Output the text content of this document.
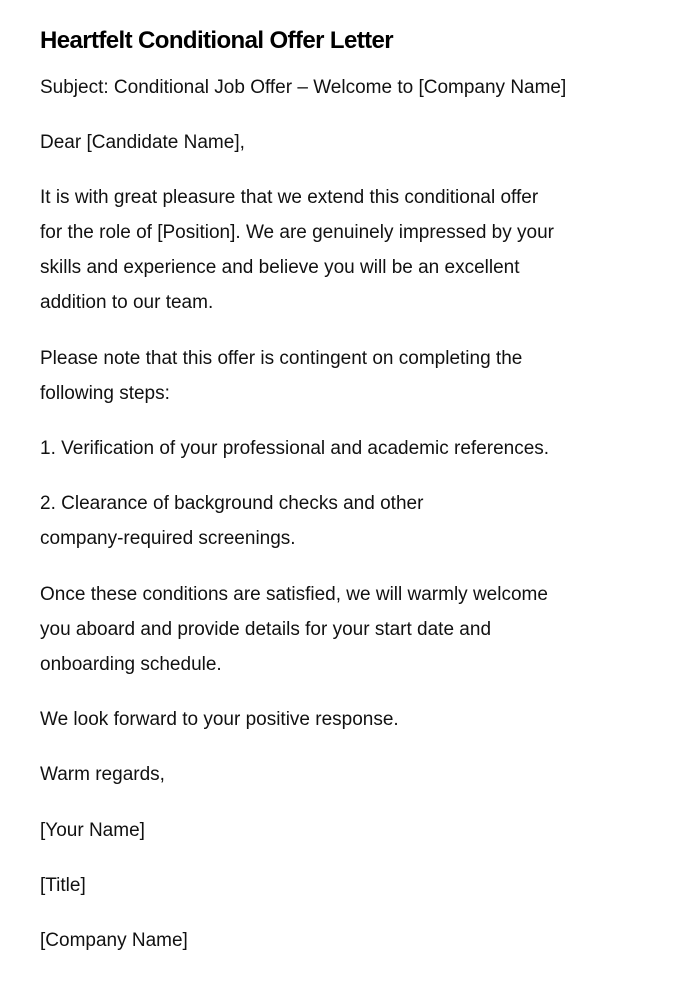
Heartfelt Conditional Offer Letter

Subject: Conditional Job Offer – Welcome to [Company Name]

Dear [Candidate Name],

It is with great pleasure that we extend this conditional offer
for the role of [Position]. We are genuinely impressed by your
skills and experience and believe you will be an excellent
addition to our team.

Please note that this offer is contingent on completing the
following steps:

1. Verification of your professional and academic references.

2. Clearance of background checks and other
company-required screenings.

Once these conditions are satisfied, we will warmly welcome
you aboard and provide details for your start date and
onboarding schedule.

We look forward to your positive response.

Warm regards,

[Your Name]

[Title]

[Company Name]
